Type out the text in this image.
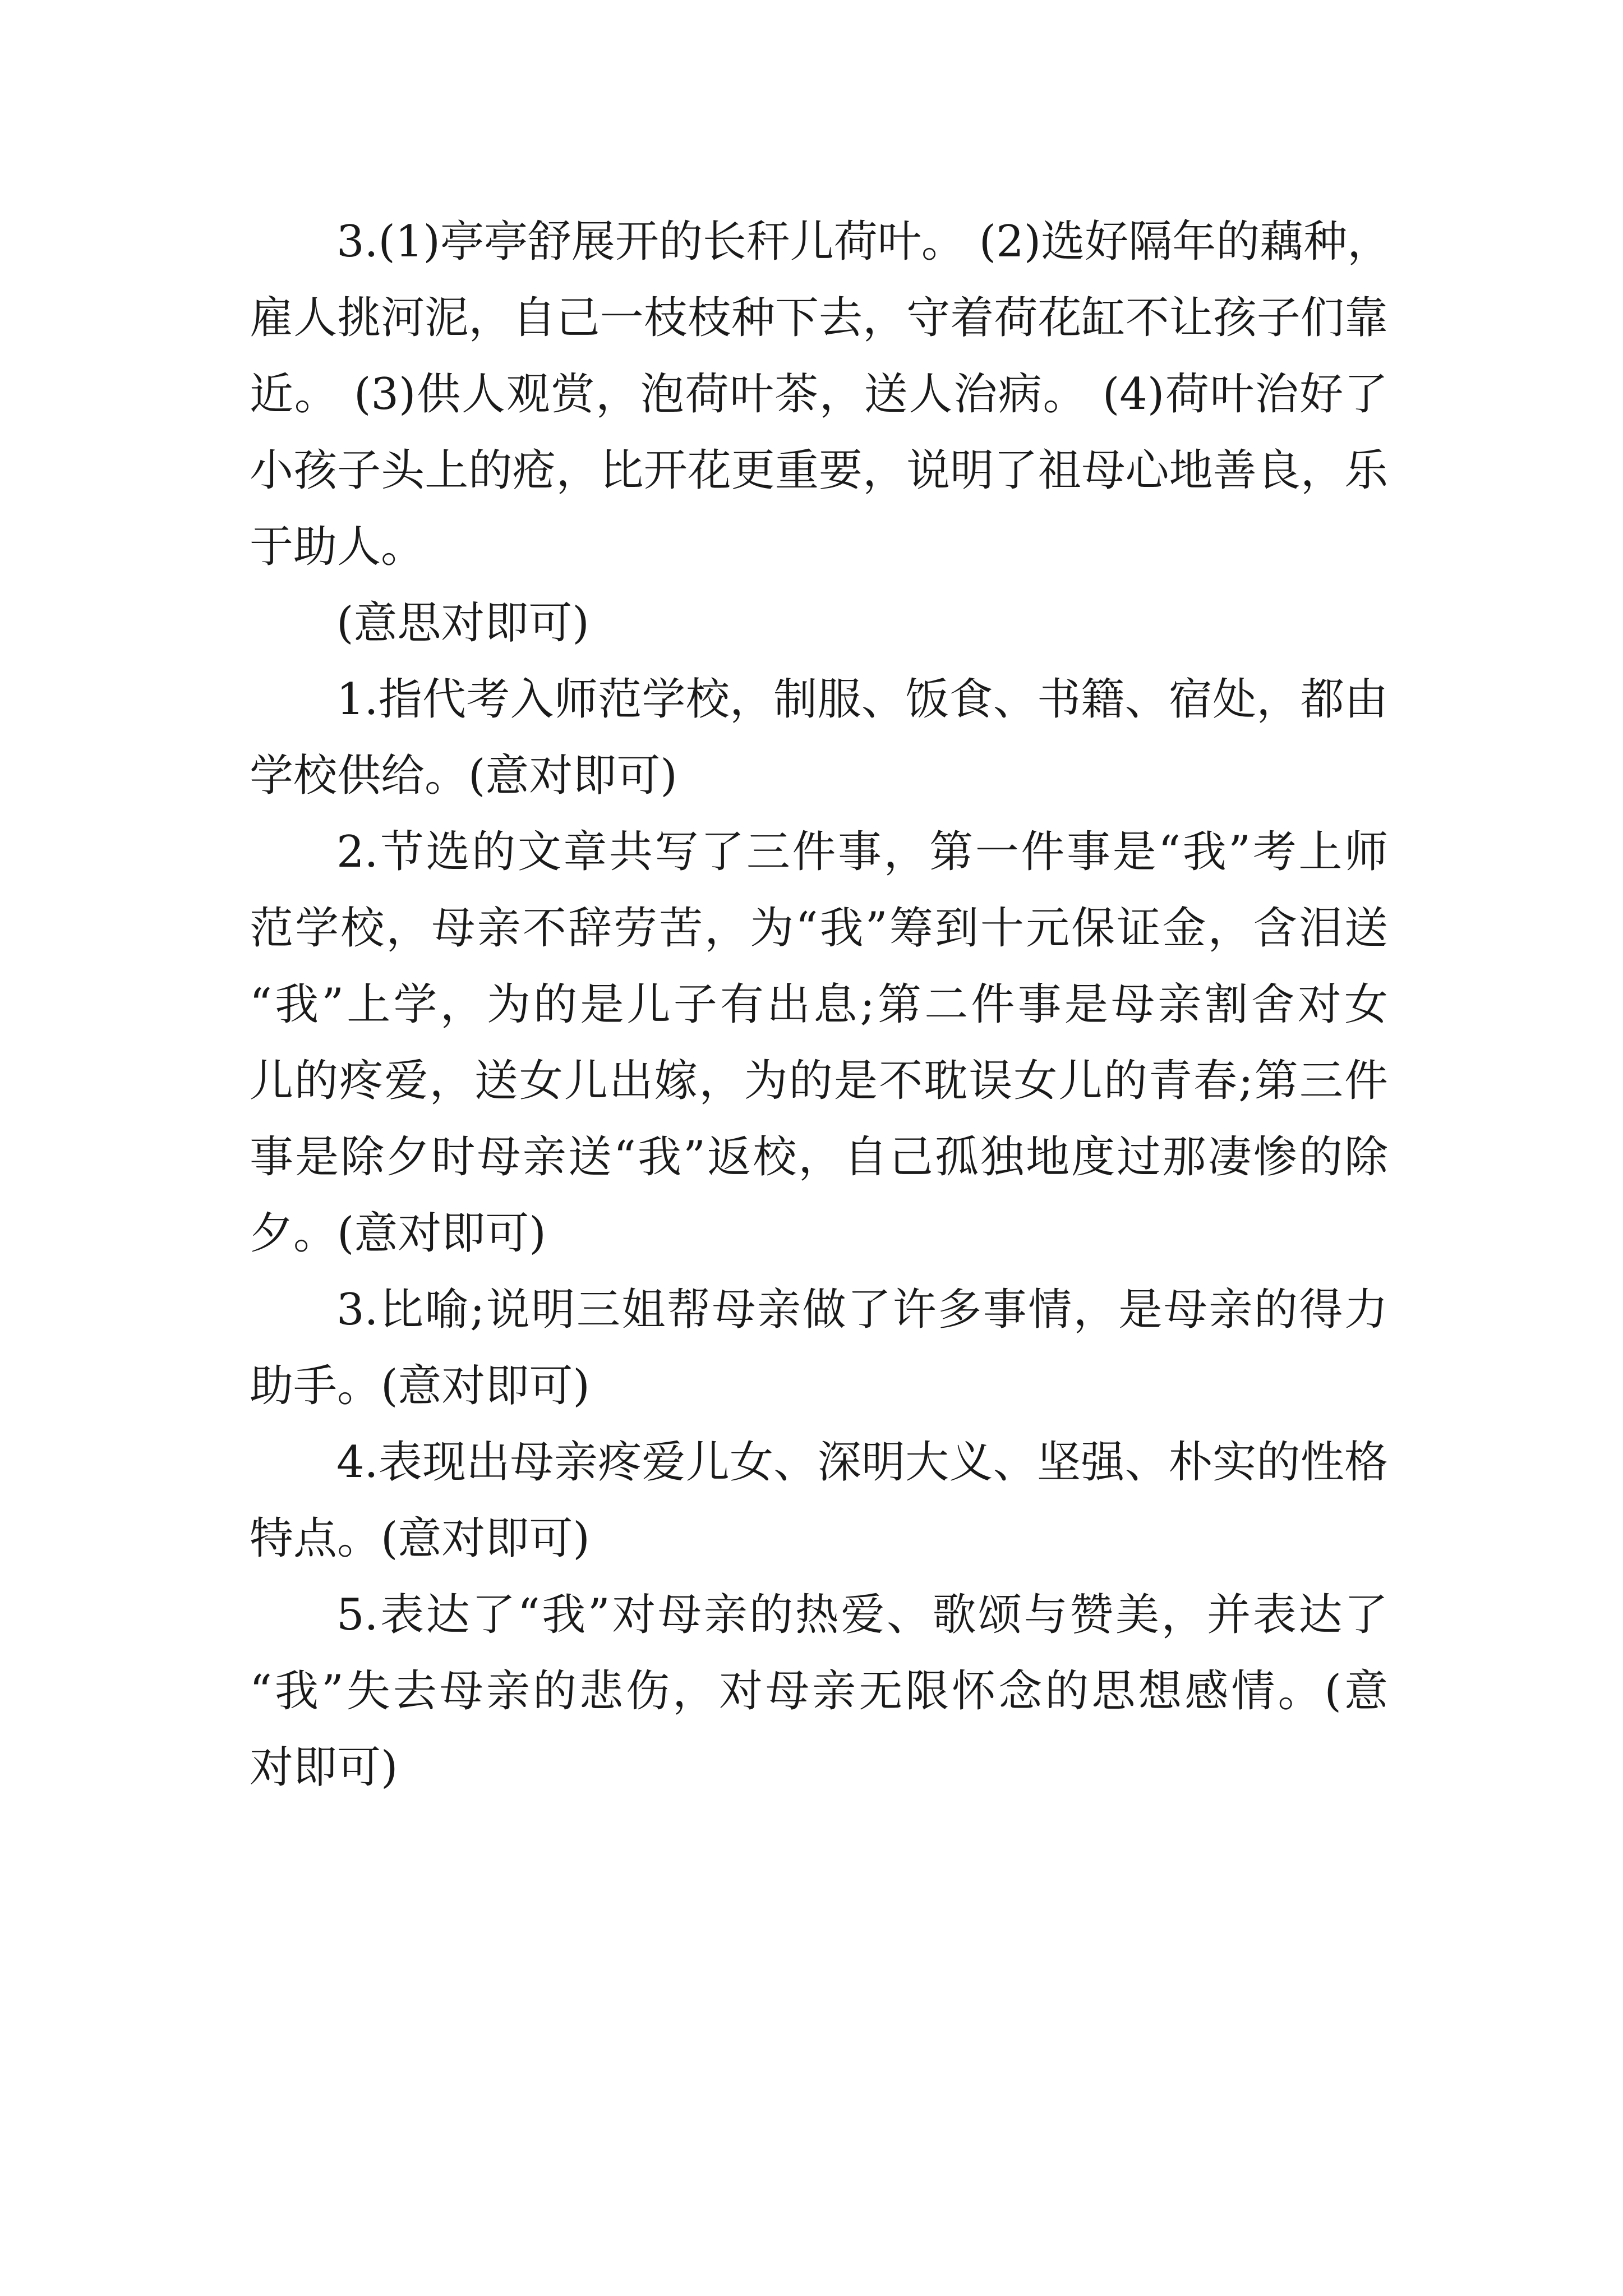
3.(1)亭亭舒展开的长秆儿荷叶。 (2)选好隔年的藕种，
雇人挑河泥，自己一枝枝种下去，守着荷花缸不让孩子们靠
近。 (3)供人观赏，泡荷叶茶，送人治病。 (4)荷叶治好了
小孩子头上的疮，比开花更重要，说明了祖母心地善良，乐
于助人。
(意思对即可)
1.指代考入师范学校，制服、饭食、书籍、宿处，都由
学校供给。(意对即可)
2.节选的文章共写了三件事，第一件事是“我”考上师
范学校，母亲不辞劳苦，为“我”筹到十元保证金，含泪送
“我”上学，为的是儿子有出息;第二件事是母亲割舍对女
儿的疼爱，送女儿出嫁，为的是不耽误女儿的青春;第三件
事是除夕时母亲送“我”返校，自己孤独地度过那凄惨的除
夕。(意对即可)
3.比喻;说明三姐帮母亲做了许多事情，是母亲的得力
助手。(意对即可)
4.表现出母亲疼爱儿女、深明大义、坚强、朴实的性格
特点。(意对即可)
5.表达了“我”对母亲的热爱、歌颂与赞美，并表达了
“我”失去母亲的悲伤，对母亲无限怀念的思想感情。(意
对即可)
